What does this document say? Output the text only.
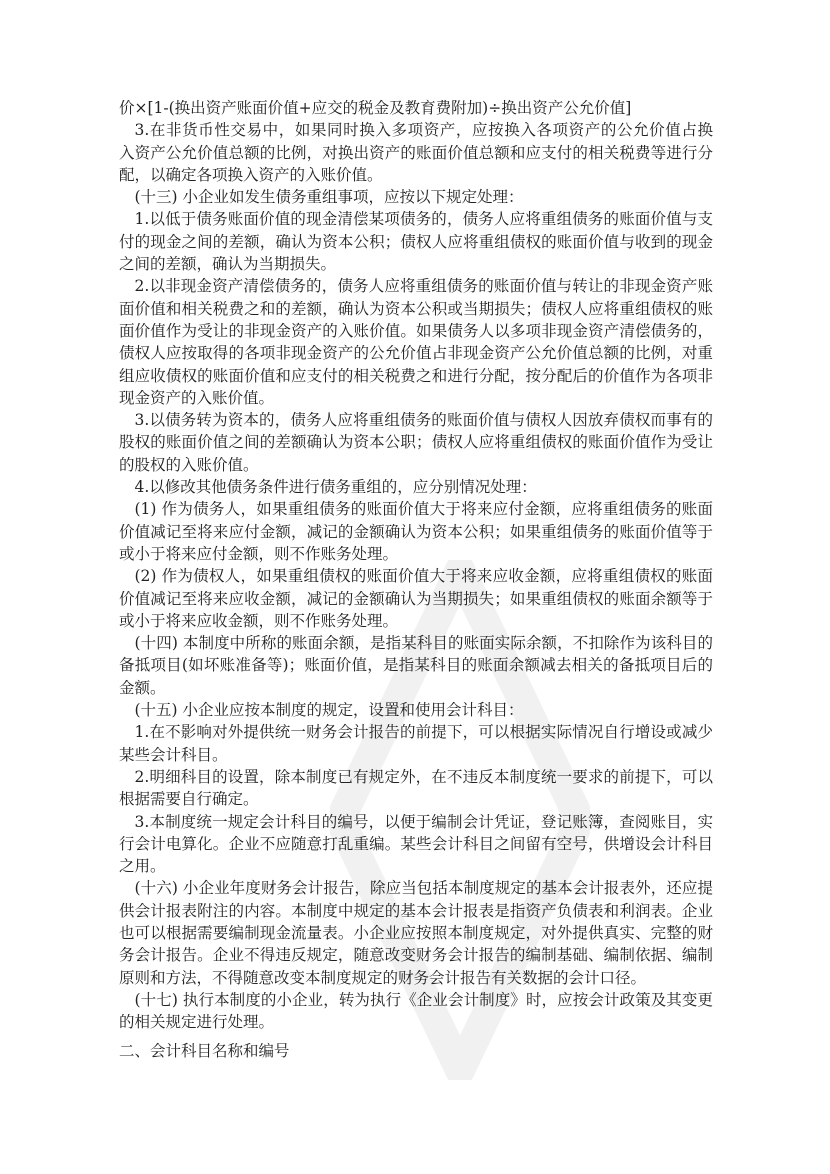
价×[1-(换出资产账面价值+应交的税金及教育费附加)÷换出资产公允价值]
3.在非货币性交易中，如果同时换入多项资产，应按换入各项资产的公允价值占换
入资产公允价值总额的比例，对换出资产的账面价值总额和应支付的相关税费等进行分
配，以确定各项换入资产的入账价值。
(十三) 小企业如发生债务重组事项，应按以下规定处理：
1.以低于债务账面价值的现金清偿某项债务的，债务人应将重组债务的账面价值与支
付的现金之间的差额，确认为资本公积；债权人应将重组债权的账面价值与收到的现金
之间的差额，确认为当期损失。
2.以非现金资产清偿债务的，债务人应将重组债务的账面价值与转让的非现金资产账
面价值和相关税费之和的差额，确认为资本公积或当期损失；债权人应将重组债权的账
面价值作为受让的非现金资产的入账价值。如果债务人以多项非现金资产清偿债务的，
债权人应按取得的各项非现金资产的公允价值占非现金资产公允价值总额的比例，对重
组应收债权的账面价值和应支付的相关税费之和进行分配，按分配后的价值作为各项非
现金资产的入账价值。
3.以债务转为资本的，债务人应将重组债务的账面价值与债权人因放弃债权而事有的
股权的账面价值之间的差额确认为资本公职；债权人应将重组债权的账面价值作为受让
的股权的入账价值。
4.以修改其他债务条件进行债务重组的，应分别情况处理：
(1) 作为债务人，如果重组债务的账面价值大于将来应付金额，应将重组债务的账面
价值减记至将来应付金额，减记的金额确认为资本公积；如果重组债务的账面价值等于
或小于将来应付金额，则不作账务处理。
(2) 作为债权人，如果重组债权的账面价值大于将来应收金额，应将重组债权的账面
价值减记至将来应收金额，减记的金额确认为当期损失；如果重组债权的账面余额等于
或小于将来应收金额，则不作账务处理。
(十四) 本制度中所称的账面余额，是指某科目的账面实际余额，不扣除作为该科目的
备抵项目(如坏账准备等)；账面价值，是指某科目的账面余额减去相关的备抵项目后的
金额。
(十五) 小企业应按本制度的规定，设置和使用会计科目：
1.在不影响对外提供统一财务会计报告的前提下，可以根据实际情况自行增设或减少
某些会计科目。
2.明细科目的设置，除本制度已有规定外，在不违反本制度统一要求的前提下，可以
根据需要自行确定。
3.本制度统一规定会计科目的编号，以便于编制会计凭证，登记账簿，查阅账目，实
行会计电算化。企业不应随意打乱重编。某些会计科目之间留有空号，供增设会计科目
之用。
(十六) 小企业年度财务会计报告，除应当包括本制度规定的基本会计报表外，还应提
供会计报表附注的内容。本制度中规定的基本会计报表是指资产负债表和利润表。企业
也可以根据需要编制现金流量表。小企业应按照本制度规定，对外提供真实、完整的财
务会计报告。企业不得违反规定，随意改变财务会计报告的编制基础、编制依据、编制
原则和方法，不得随意改变本制度规定的财务会计报告有关数据的会计口径。
(十七) 执行本制度的小企业，转为执行《企业会计制度》时，应按会计政策及其变更
的相关规定进行处理。
二、会计科目名称和编号
